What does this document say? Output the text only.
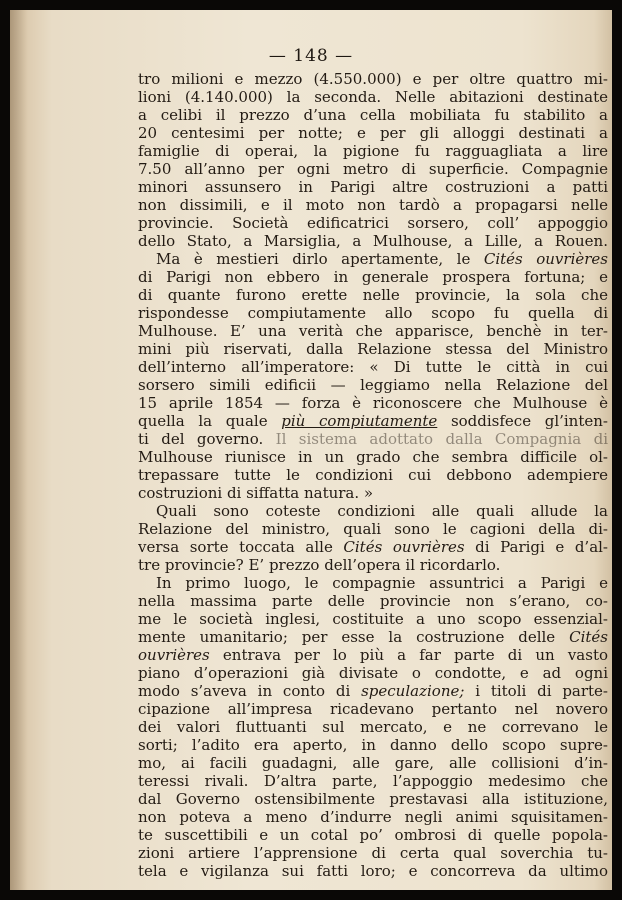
— 148 —
tro milioni e mezzo (4.550.000) e per oltre quattro mi-
lioni (4.140.000) la seconda. Nelle abitazioni destinate
a celibi il prezzo d’una cella mobiliata fu stabilito a
20 centesimi per notte; e per gli alloggi destinati a
famiglie di operai, la pigione fu ragguagliata a lire
7.50 all’anno per ogni metro di superficie. Compagnie
minori assunsero in Parigi altre costruzioni a patti
non dissimili, e il moto non tardò a propagarsi nelle
provincie. Società edificatrici sorsero, coll’ appoggio
dello Stato, a Marsiglia, a Mulhouse, a Lille, a Rouen.
Ma è mestieri dirlo apertamente, le Cités ouvrières
di Parigi non ebbero in generale prospera fortuna; e
di quante furono erette nelle provincie, la sola che
rispondesse compiutamente allo scopo fu quella di
Mulhouse. E’ una verità che apparisce, benchè in ter-
mini più riservati, dalla Relazione stessa del Ministro
dell’interno all’imperatore: « Di tutte le città in cui
sorsero simili edificii — leggiamo nella Relazione del
15 aprile 1854 — forza è riconoscere che Mulhouse è
quella la quale più compiutamente soddisfece gl’inten-
ti del governo. Il sistema adottato dalla Compagnia di
Mulhouse riunisce in un grado che sembra difficile ol-
trepassare tutte le condizioni cui debbono adempiere
costruzioni di siffatta natura. »
Quali sono coteste condizioni alle quali allude la
Relazione del ministro, quali sono le cagioni della di-
versa sorte toccata alle Cités ouvrières di Parigi e d’al-
tre provincie? E’ prezzo dell’opera il ricordarlo.
In primo luogo, le compagnie assuntrici a Parigi e
nella massima parte delle provincie non s’erano, co-
me le società inglesi, costituite a uno scopo essenzial-
mente umanitario; per esse la costruzione delle Cités
ouvrières entrava per lo più a far parte di un vasto
piano d’operazioni già divisate o condotte, e ad ogni
modo s’aveva in conto di speculazione; i titoli di parte-
cipazione all’impresa ricadevano pertanto nel novero
dei valori fluttuanti sul mercato, e ne correvano le
sorti; l’adito era aperto, in danno dello scopo supre-
mo, ai facili guadagni, alle gare, alle collisioni d’in-
teressi rivali. D’altra parte, l’appoggio medesimo che
dal Governo ostensibilmente prestavasi alla istituzione,
non poteva a meno d’indurre negli animi squisitamen-
te suscettibili e un cotal po’ ombrosi di quelle popola-
zioni artiere l’apprensione di certa qual soverchia tu-
tela e vigilanza sui fatti loro; e concorreva da ultimo
